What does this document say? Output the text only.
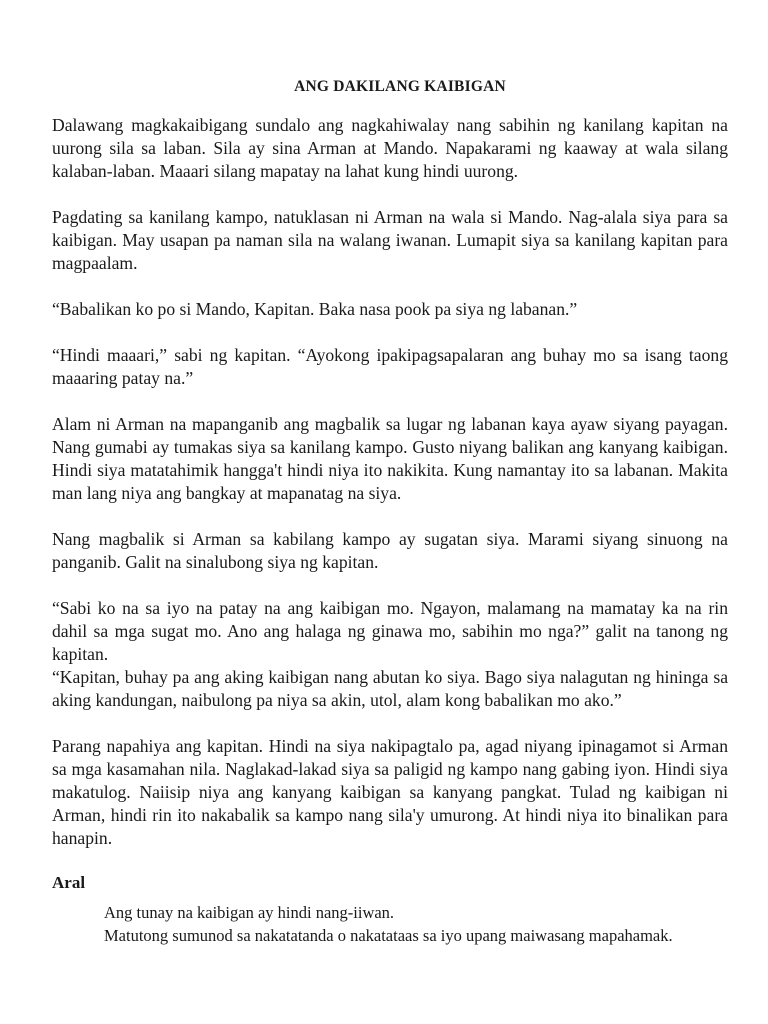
ANG DAKILANG KAIBIGAN

Dalawang magkakaibigang sundalo ang nagkahiwalay nang sabihin ng kanilang kapitan na uurong sila sa laban. Sila ay sina Arman at Mando. Napakarami ng kaaway at wala silang kalaban-laban. Maaari silang mapatay na lahat kung hindi uurong.

Pagdating sa kanilang kampo, natuklasan ni Arman na wala si Mando. Nag-alala siya para sa kaibigan. May usapan pa naman sila na walang iwanan. Lumapit siya sa kanilang kapitan para magpaalam.

“Babalikan ko po si Mando, Kapitan. Baka nasa pook pa siya ng labanan.”

“Hindi maaari,” sabi ng kapitan. “Ayokong ipakipagsapalaran ang buhay mo sa isang taong maaaring patay na.”

Alam ni Arman na mapanganib ang magbalik sa lugar ng labanan kaya ayaw siyang payagan. Nang gumabi ay tumakas siya sa kanilang kampo. Gusto niyang balikan ang kanyang kaibigan. Hindi siya matatahimik hangga't hindi niya ito nakikita. Kung namantay ito sa labanan. Makita man lang niya ang bangkay at mapanatag na siya.

Nang magbalik si Arman sa kabilang kampo ay sugatan siya. Marami siyang sinuong na panganib. Galit na sinalubong siya ng kapitan.

“Sabi ko na sa iyo na patay na ang kaibigan mo. Ngayon, malamang na mamatay ka na rin dahil sa mga sugat mo. Ano ang halaga ng ginawa mo, sabihin mo nga?” galit na tanong ng kapitan.

“Kapitan, buhay pa ang aking kaibigan nang abutan ko siya. Bago siya nalagutan ng hininga sa aking kandungan, naibulong pa niya sa akin, utol, alam kong babalikan mo ako.”

Parang napahiya ang kapitan. Hindi na siya nakipagtalo pa, agad niyang ipinagamot si Arman sa mga kasamahan nila. Naglakad-lakad siya sa paligid ng kampo nang gabing iyon. Hindi siya makatulog. Naiisip niya ang kanyang kaibigan sa kanyang pangkat. Tulad ng kaibigan ni Arman, hindi rin ito nakabalik sa kampo nang sila'y umurong. At hindi niya ito binalikan para hanapin.

Aral

Ang tunay na kaibigan ay hindi nang-iiwan.

Matutong sumunod sa nakatatanda o nakatataas sa iyo upang maiwasang mapahamak.
